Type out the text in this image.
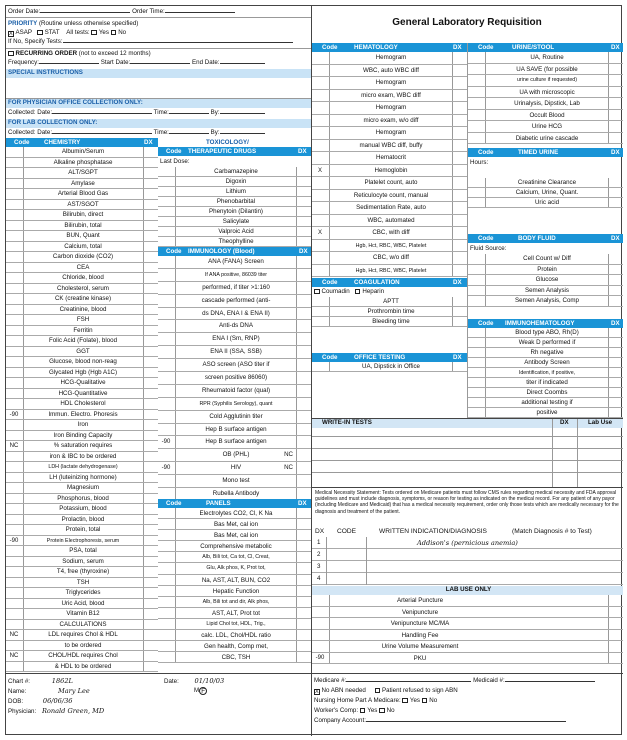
Order Date:	Order Time:
PRIORITY (Routine unless otherwise specified)
X ASAP STAT All tests: Yes No
If No, Specify Tests:
RECURRING ORDER (not to exceed 12 months)
Frequency:	Start Date:	End Date:
SPECIAL INSTRUCTIONS
FOR PHYSICIAN OFFICE COLLECTION ONLY:
Collected: Date:	Time:	By:
FOR LAB COLLECTION ONLY:
Collected: Date:	Time:	By:
General Laboratory Requisition
Code CHEMISTRY	DX
Albumin/Serum
Alkaline phosphatase
ALT/SGPT
Amylase
Arterial Blood Gas
AST/SGOT
Bilirubin, direct
Bilirubin, total
BUN, Quant
Calcium, total
Carbon dioxide (CO2)
CEA
Chloride, blood
Cholesterol, serum
CK (creatine kinase)
Creatinine, blood
FSH
Ferritin
Folic Acid (Folate), blood
GGT
Glucose, blood non-reag
Glycated Hgb (Hgb A1C)
HCG-Qualitative
HCG-Quantitative
HDL Cholesterol
-90	Immun. Electro. Phoresis
Iron
Iron Binding Capacity
NC	% saturation requires
iron & IBC to be ordered
LDH (lactate dehydrogenase)
LH (luteinizing hormone)
Magnesium
Phosphorus, blood
Potassium, blood
Prolactin, blood
Protein, total
-90	Protein Electrophoresis, serum
PSA, total
Sodium, serum
T4, free (thyroxine)
TSH
Triglycerides
Uric Acid, blood
Vitamin B12
CALCULATIONS
NC	LDL requires Chol & HDL
to be ordered
NC	CHOL/HDL requires Chol
& HDL to be ordered
TOXICOLOGY/
Code THERAPEUTIC DRUGS	DX
Last Dose:
Carbamazepine
Digoxin
Lithium
Phenobarbital
Phenytoin (Dilantin)
Salicylate
Valproic Acid
Theophylline
Code IMMUNOLOGY (Blood)	DX
ANA (FANA) Screen
If ANA positive, 86039 titer
performed, if titer >1:160
cascade performed (anti-
ds DNA, ENA I & ENA II)
Anti-ds DNA
ENA I (Sm, RNP)
ENA II (SSA, SSB)
ASO screen (ASO titer if
screen positive 86060)
Rheumatoid factor (qual)
RPR (Syphilis Serology), quant
Cold Agglutinin titer
Hep B surface antigen
-90	Hep B surface antigen
OB (PHL)	NC
-90	HIV	NC
Mono test
Rubella Antibody
Code	PANELS	DX
Electrolytes CO2, Cl, K Na
Bas Met, cal ion
Bas Met, cal ion
Comprehensive metabolic
Alb, Bili tot, Ca tot, Cl, Creat,
Glu, Alk phos, K, Prot tot,
Na, AST, ALT, BUN, CO2
Hepatic Function
Alb, Bili tot and dir, Alk phos,
AST, ALT, Prot tot
Lipid Chol tot, HDL, Trig.,
calc. LDL, Chol/HDL ratio
Gen health, Comp met,
CBC, TSH
Code	HEMATOLOGY	DX
Hemogram
WBC, auto WBC diff
Hemogram
micro exam, WBC diff
Hemogram
micro exam, w/o diff
Hemogram
manual WBC diff, buffy
Hematocrit
X	Hemoglobin
Platelet count, auto
Reticulocyte count, manual
Sedimentation Rate, auto
WBC, automated
X	CBC, with diff
Hgb, Hct, RBC, WBC, Platelet
CBC, w/o diff
Hgb, Hct, RBC, WBC, Platelet
Code	COAGULATION	DX
Coumadin Heparin
APTT
Prothrombin time
Bleeding time
Code	OFFICE TESTING	DX
UA, Dipstick in Office
Code	URINE/STOOL	DX
UA, Routine
UA SAVE (for possible
urine culture if requested)
UA with microscopic
Urinalysis, Dipstick, Lab
Occult Blood
Urine HCG
Diabetic urine cascade
Code	TIMED URINE	DX
Hours:
Creatinine Clearance
Calcium, Urine, Quant.
Uric acid
Code	BODY FLUID	DX
Fluid Source:
Cell Count w/ Diff
Protein
Glucose
Semen Analysis
Semen Analysis, Comp
Code IMMUNOHEMATOLOGY	DX
Blood type ABO, Rh(D)
Weak D performed if
Rh negative
Antibody Screen
Identification, if positive,
titer if indicated
Direct Coombs
additional testing if
positive
WRITE-IN TESTS	DX	Lab Use
Medical Necessity Statement: Tests ordered on Medicare patients must follow CMS rules regarding medical necessity and FDA approval guidelines and must include diagnosis, symptoms, or reason for testing as indicated on the medical record. For any patient of any payor (including Medicare and Medicaid) that has a medical necessity requirement, order only those tests which are medically necessary for the diagnosis and treatment of the patient.
DX CODE	WRITTEN INDICATION/DIAGNOSIS	(Match Diagnosis # to Test)
1	Addison's (pernicious anemia)
2
3
4
LAB USE ONLY
Arterial Puncture
Venipuncture
Venipuncture MC/MA
Handling Fee
Urine Volume Measurement
-90	PKU
Chart #:	1862L	Date: 01/10/03
Name:	Mary Lee	M F
DOB:	06/06/36
Physician: Ronald Green, MD
Medicare #:	Medicaid #:
X No ABN needed	Patient refused to sign ABN
Nursing Home Part A Medicare: Yes No
Worker's Comp: Yes No
Company Account:
